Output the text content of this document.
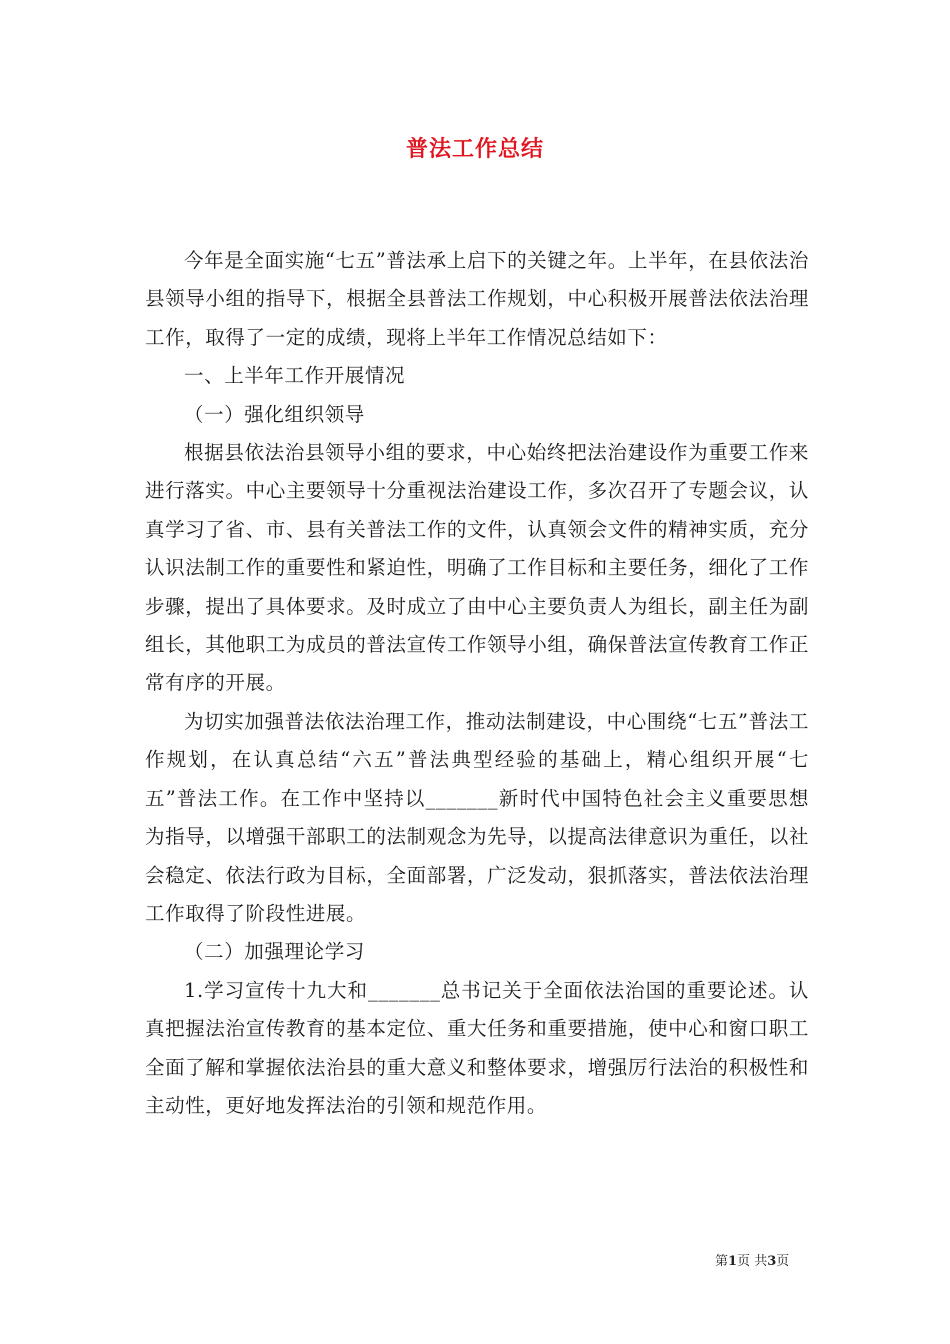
普法工作总结

今年是全面实施“七五”普法承上启下的关键之年。上半年，在县依法治县领导小组的指导下，根据全县普法工作规划，中心积极开展普法依法治理工作，取得了一定的成绩，现将上半年工作情况总结如下：

一、上半年工作开展情况

（一）强化组织领导

根据县依法治县领导小组的要求，中心始终把法治建设作为重要工作来进行落实。中心主要领导十分重视法治建设工作，多次召开了专题会议，认真学习了省、市、县有关普法工作的文件，认真领会文件的精神实质，充分认识法制工作的重要性和紧迫性，明确了工作目标和主要任务，细化了工作步骤，提出了具体要求。及时成立了由中心主要负责人为组长，副主任为副组长，其他职工为成员的普法宣传工作领导小组，确保普法宣传教育工作正常有序的开展。

为切实加强普法依法治理工作，推动法制建设，中心围绕“七五”普法工作规划，在认真总结“六五”普法典型经验的基础上，精心组织开展“七五”普法工作。在工作中坚持以_______新时代中国特色社会主义重要思想为指导，以增强干部职工的法制观念为先导，以提高法律意识为重任，以社会稳定、依法行政为目标，全面部署，广泛发动，狠抓落实，普法依法治理工作取得了阶段性进展。

（二）加强理论学习

1.学习宣传十九大和_______总书记关于全面依法治国的重要论述。认真把握法治宣传教育的基本定位、重大任务和重要措施，使中心和窗口职工全面了解和掌握依法治县的重大意义和整体要求，增强厉行法治的积极性和主动性，更好地发挥法治的引领和规范作用。

第1页 共3页
